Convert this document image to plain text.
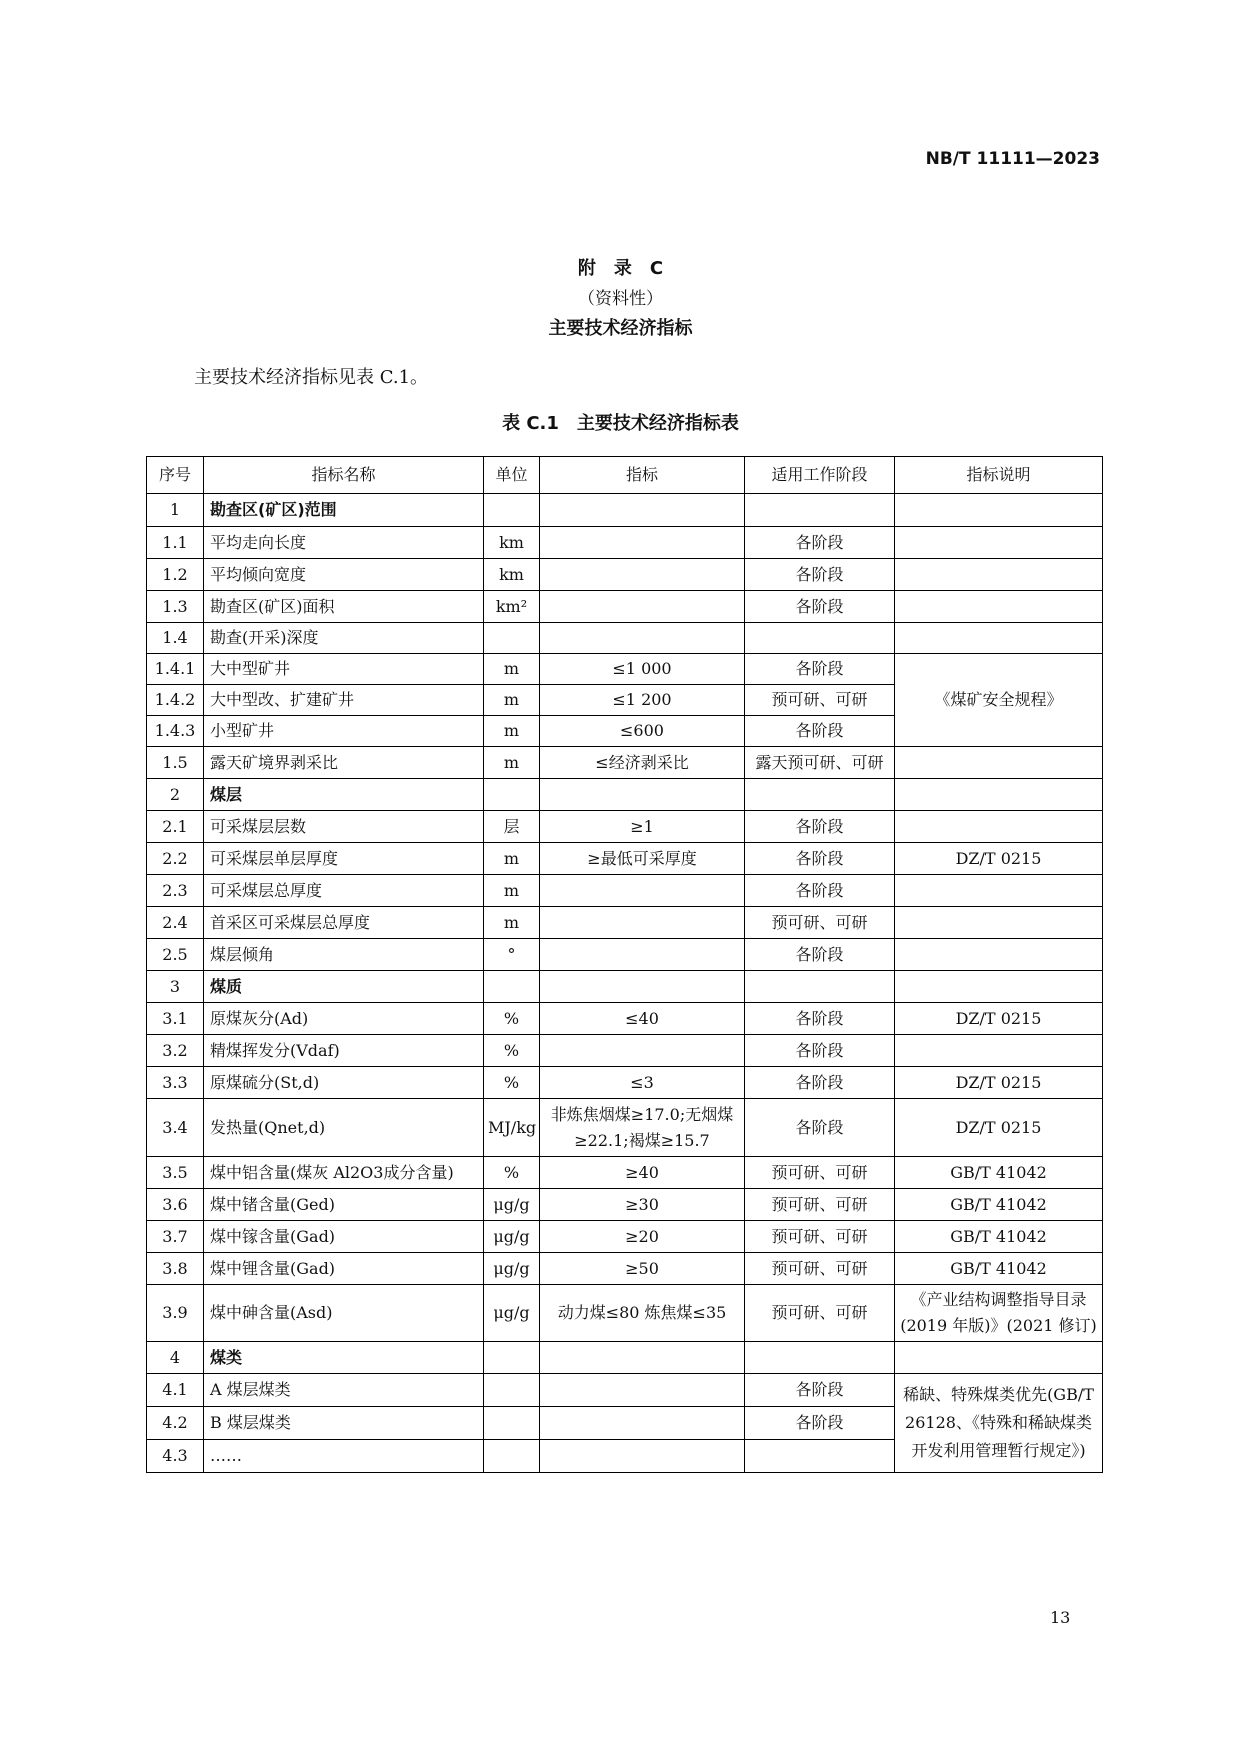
NB/T 11111—2023
附　录　C
（资料性）
主要技术经济指标
主要技术经济指标见表 C.1。
表 C.1　主要技术经济指标表
序号	指标名称	单位	指标	适用工作阶段	指标说明
1	勘查区(矿区)范围				
1.1	平均走向长度	km		各阶段	
1.2	平均倾向宽度	km		各阶段	
1.3	勘查区(矿区)面积	km²		各阶段	
1.4	勘查(开采)深度				
1.4.1	大中型矿井	m	≤1 000	各阶段	《煤矿安全规程》
1.4.2	大中型改、扩建矿井	m	≤1 200	预可研、可研	
1.4.3	小型矿井	m	≤600	各阶段	
1.5	露天矿境界剥采比	m	≤经济剥采比	露天预可研、可研	
2	煤层				
2.1	可采煤层层数	层	≥1	各阶段	
2.2	可采煤层单层厚度	m	≥最低可采厚度	各阶段	DZ/T 0215
2.3	可采煤层总厚度	m		各阶段	
2.4	首采区可采煤层总厚度	m		预可研、可研	
2.5	煤层倾角	°		各阶段	
3	煤质				
3.1	原煤灰分(Ad)	%	≤40	各阶段	DZ/T 0215
3.2	精煤挥发分(Vdaf)	%		各阶段	
3.3	原煤硫分(St,d)	%	≤3	各阶段	DZ/T 0215
3.4	发热量(Qnet,d)	MJ/kg	非炼焦烟煤≥17.0;无烟煤≥22.1;褐煤≥15.7	各阶段	DZ/T 0215
3.5	煤中铝含量(煤灰 Al2O3成分含量)	%	≥40	预可研、可研	GB/T 41042
3.6	煤中锗含量(Ged)	μg/g	≥30	预可研、可研	GB/T 41042
3.7	煤中镓含量(Gad)	μg/g	≥20	预可研、可研	GB/T 41042
3.8	煤中锂含量(Gad)	μg/g	≥50	预可研、可研	GB/T 41042
3.9	煤中砷含量(Asd)	μg/g	动力煤≤80 炼焦煤≤35	预可研、可研	《产业结构调整指导目录(2019 年版)》(2021 修订)
4	煤类				
4.1	A 煤层煤类			各阶段	稀缺、特殊煤类优先(GB/T 26128、《特殊和稀缺煤类开发利用管理暂行规定》)
4.2	B 煤层煤类			各阶段	
4.3	……				
13
